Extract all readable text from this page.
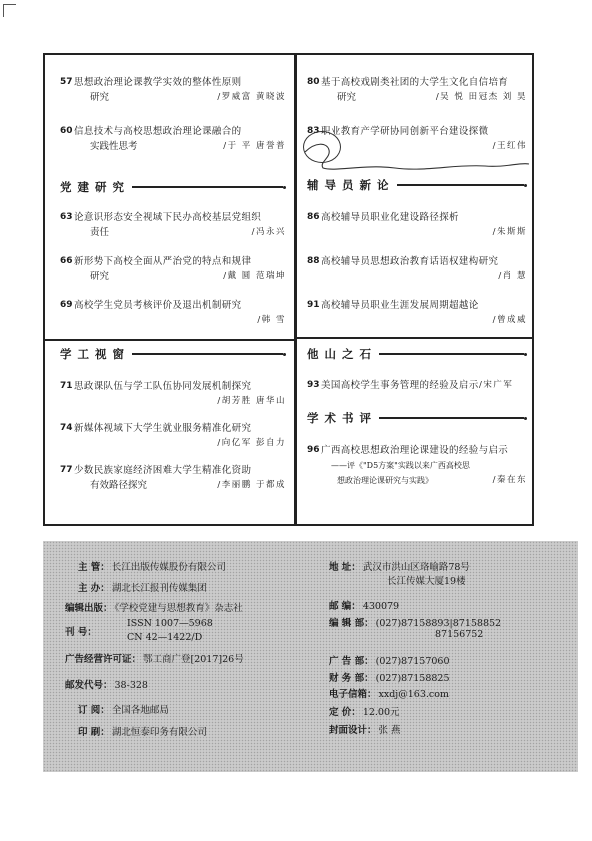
57 思想政治理论课教学实效的整体性原则
研究	/罗威富 黄晓波
60 信息技术与高校思想政治理论课融合的
实践性思考	/于 平 唐誉普
党建研究
63 论意识形态安全视域下民办高校基层党组织
责任	/冯永兴
66 新形势下高校全面从严治党的特点和规律
研究	/戴 圆 范瑞坤
69 高校学生党员考核评价及退出机制研究
/韩 雪
学工视窗
71 思政课队伍与学工队伍协同发展机制探究
/胡芳胜 唐华山
74 新媒体视域下大学生就业服务精准化研究
/向亿军 彭自力
77 少数民族家庭经济困难大学生精准化资助
有效路径探究	/李丽鹏 于都成
80 基于高校戏剧类社团的大学生文化自信培育
研究	/吴 悦 田冠杰 刘 昊
83 职业教育产学研协同创新平台建设探微
/王红伟
辅导员新论
86 高校辅导员职业化建设路径探析
/朱斯斯
88 高校辅导员思想政治教育话语权建构研究
/肖 慧
91 高校辅导员职业生涯发展周期超越论
/曾成威
他山之石
93 美国高校学生事务管理的经验及启示 /宋广军
学术书评
96 广西高校思想政治理论课建设的经验与启示
——评《"D5方案"实践以来广西高校思
想政治理论课研究与实践》	/秦在东
主 管： 长江出版传媒股份有限公司
主 办： 湖北长江报刊传媒集团
编辑出版： 《学校党建与思想教育》杂志社
刊 号：
ISSN 1007—5968
CN 42—1422/D
广告经营许可证： 鄂工商广登[2017]26号
邮发代号： 38-328
订 阅： 全国各地邮局
印 刷： 湖北恒泰印务有限公司
地 址： 武汉市洪山区珞喻路78号
长江传媒大厦19楼
邮 编： 430079
编 辑 部： (027)87158893|87158852
87156752
广 告 部： (027)87157060
财 务 部： (027)87158825
电子信箱： xxdj@163.com
定 价： 12.00元
封面设计： 张 燕
